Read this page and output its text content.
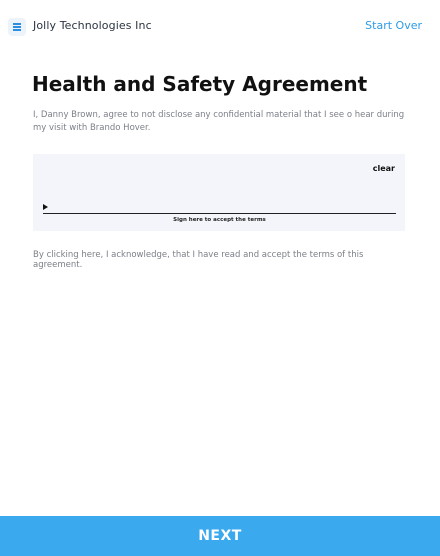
Jolly Technologies Inc	Start Over
Health and Safety Agreement
I, Danny Brown, agree to not disclose any confidential material that I see o hear during my visit with Brando Hover.
clear
Sign here to accept the terms
By clicking here, I acknowledge, that I have read and accept the terms of this agreement.
NEXT
